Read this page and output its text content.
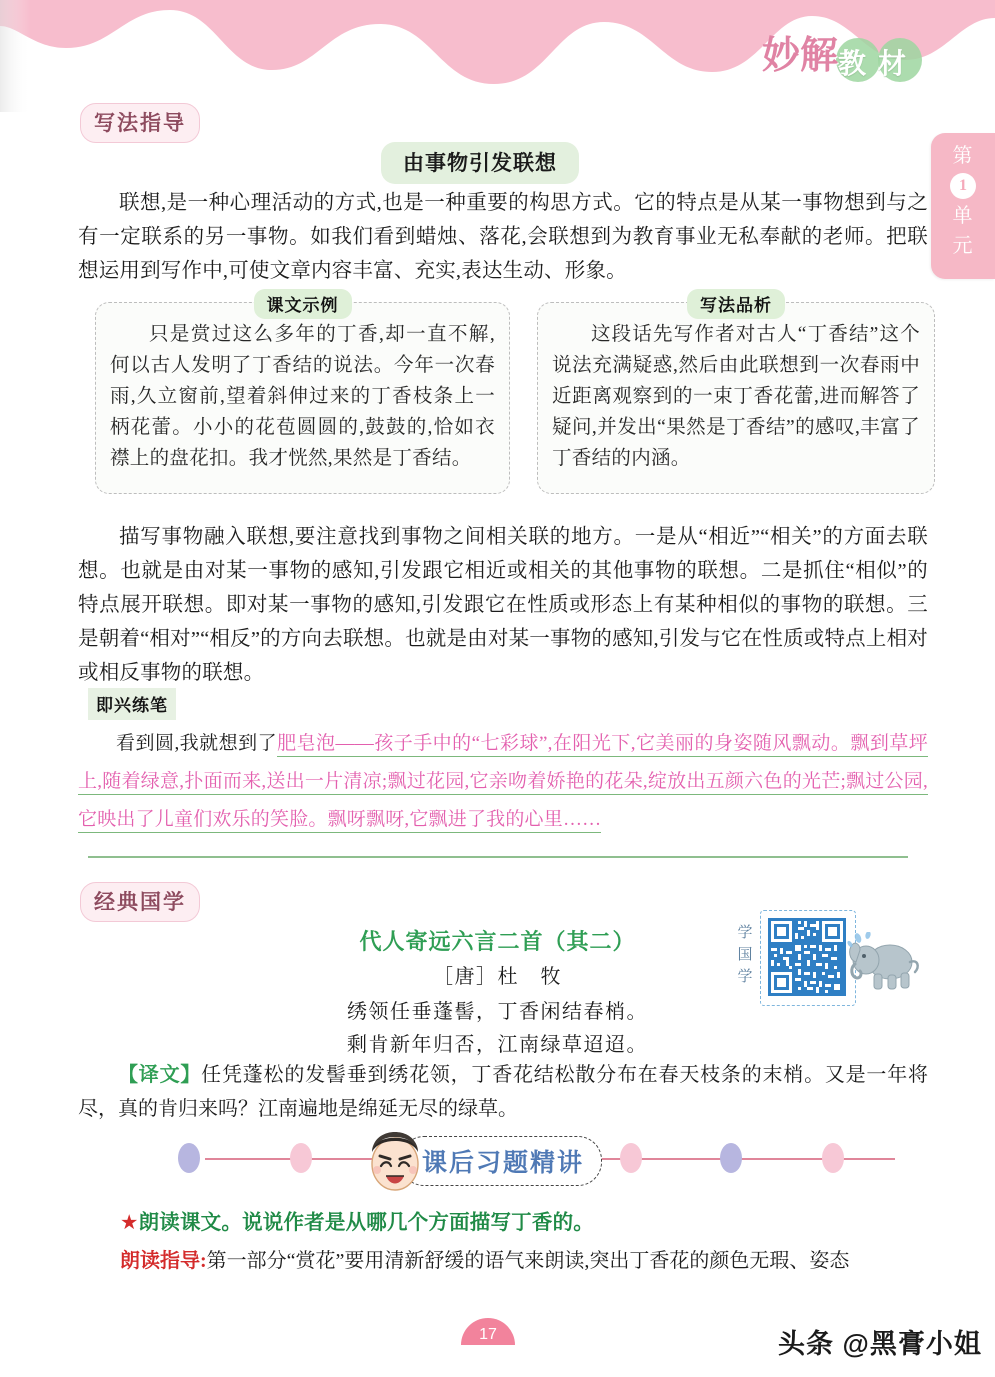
妙解 教材
第
1
单
元
写法指导
由事物引发联想
联想,是一种心理活动的方式,也是一种重要的构思方式。它的特点是从某一事物想到与之有一定联系的另一事物。如我们看到蜡烛、落花,会联想到为教育事业无私奉献的老师。把联想运用到写作中,可使文章内容丰富、充实,表达生动、形象。
课文示例
只是赏过这么多年的丁香,却一直不解,何以古人发明了丁香结的说法。今年一次春雨,久立窗前,望着斜伸过来的丁香枝条上一柄花蕾。小小的花苞圆圆的,鼓鼓的,恰如衣襟上的盘花扣。我才恍然,果然是丁香结。
写法品析
这段话先写作者对古人“丁香结”这个说法充满疑惑,然后由此联想到一次春雨中近距离观察到的一束丁香花蕾,进而解答了疑问,并发出“果然是丁香结”的感叹,丰富了丁香结的内涵。
描写事物融入联想,要注意找到事物之间相关联的地方。一是从“相近”“相关”的方面去联想。也就是由对某一事物的感知,引发跟它相近或相关的其他事物的联想。二是抓住“相似”的特点展开联想。即对某一事物的感知,引发跟它在性质或形态上有某种相似的事物的联想。三是朝着“相对”“相反”的方向去联想。也就是由对某一事物的感知,引发与它在性质或特点上相对或相反事物的联想。
即兴练笔
看到圆,我就想到了肥皂泡——孩子手中的“七彩球”,在阳光下,它美丽的身姿随风飘动。飘到草坪上,随着绿意,扑面而来,送出一片清凉;飘过花园,它亲吻着娇艳的花朵,绽放出五颜六色的光芒;飘过公园,它映出了儿童们欢乐的笑脸。飘呀飘呀,它飘进了我的心里……
经典国学
代人寄远六言二首（其二）
［唐］杜　牧
绣领任垂蓬髻，丁香闲结春梢。
剩肯新年归否，江南绿草迢迢。
学国学
【译文】任凭蓬松的发髻垂到绣花领，丁香花结松散分布在春天枝条的末梢。又是一年将尽，真的肯归来吗？江南遍地是绵延无尽的绿草。
课后习题精讲
★朗读课文。说说作者是从哪几个方面描写丁香的。
朗读指导:第一部分“赏花”要用清新舒缓的语气来朗读,突出丁香花的颜色无瑕、姿态
17	头条 @黑膏小姐
